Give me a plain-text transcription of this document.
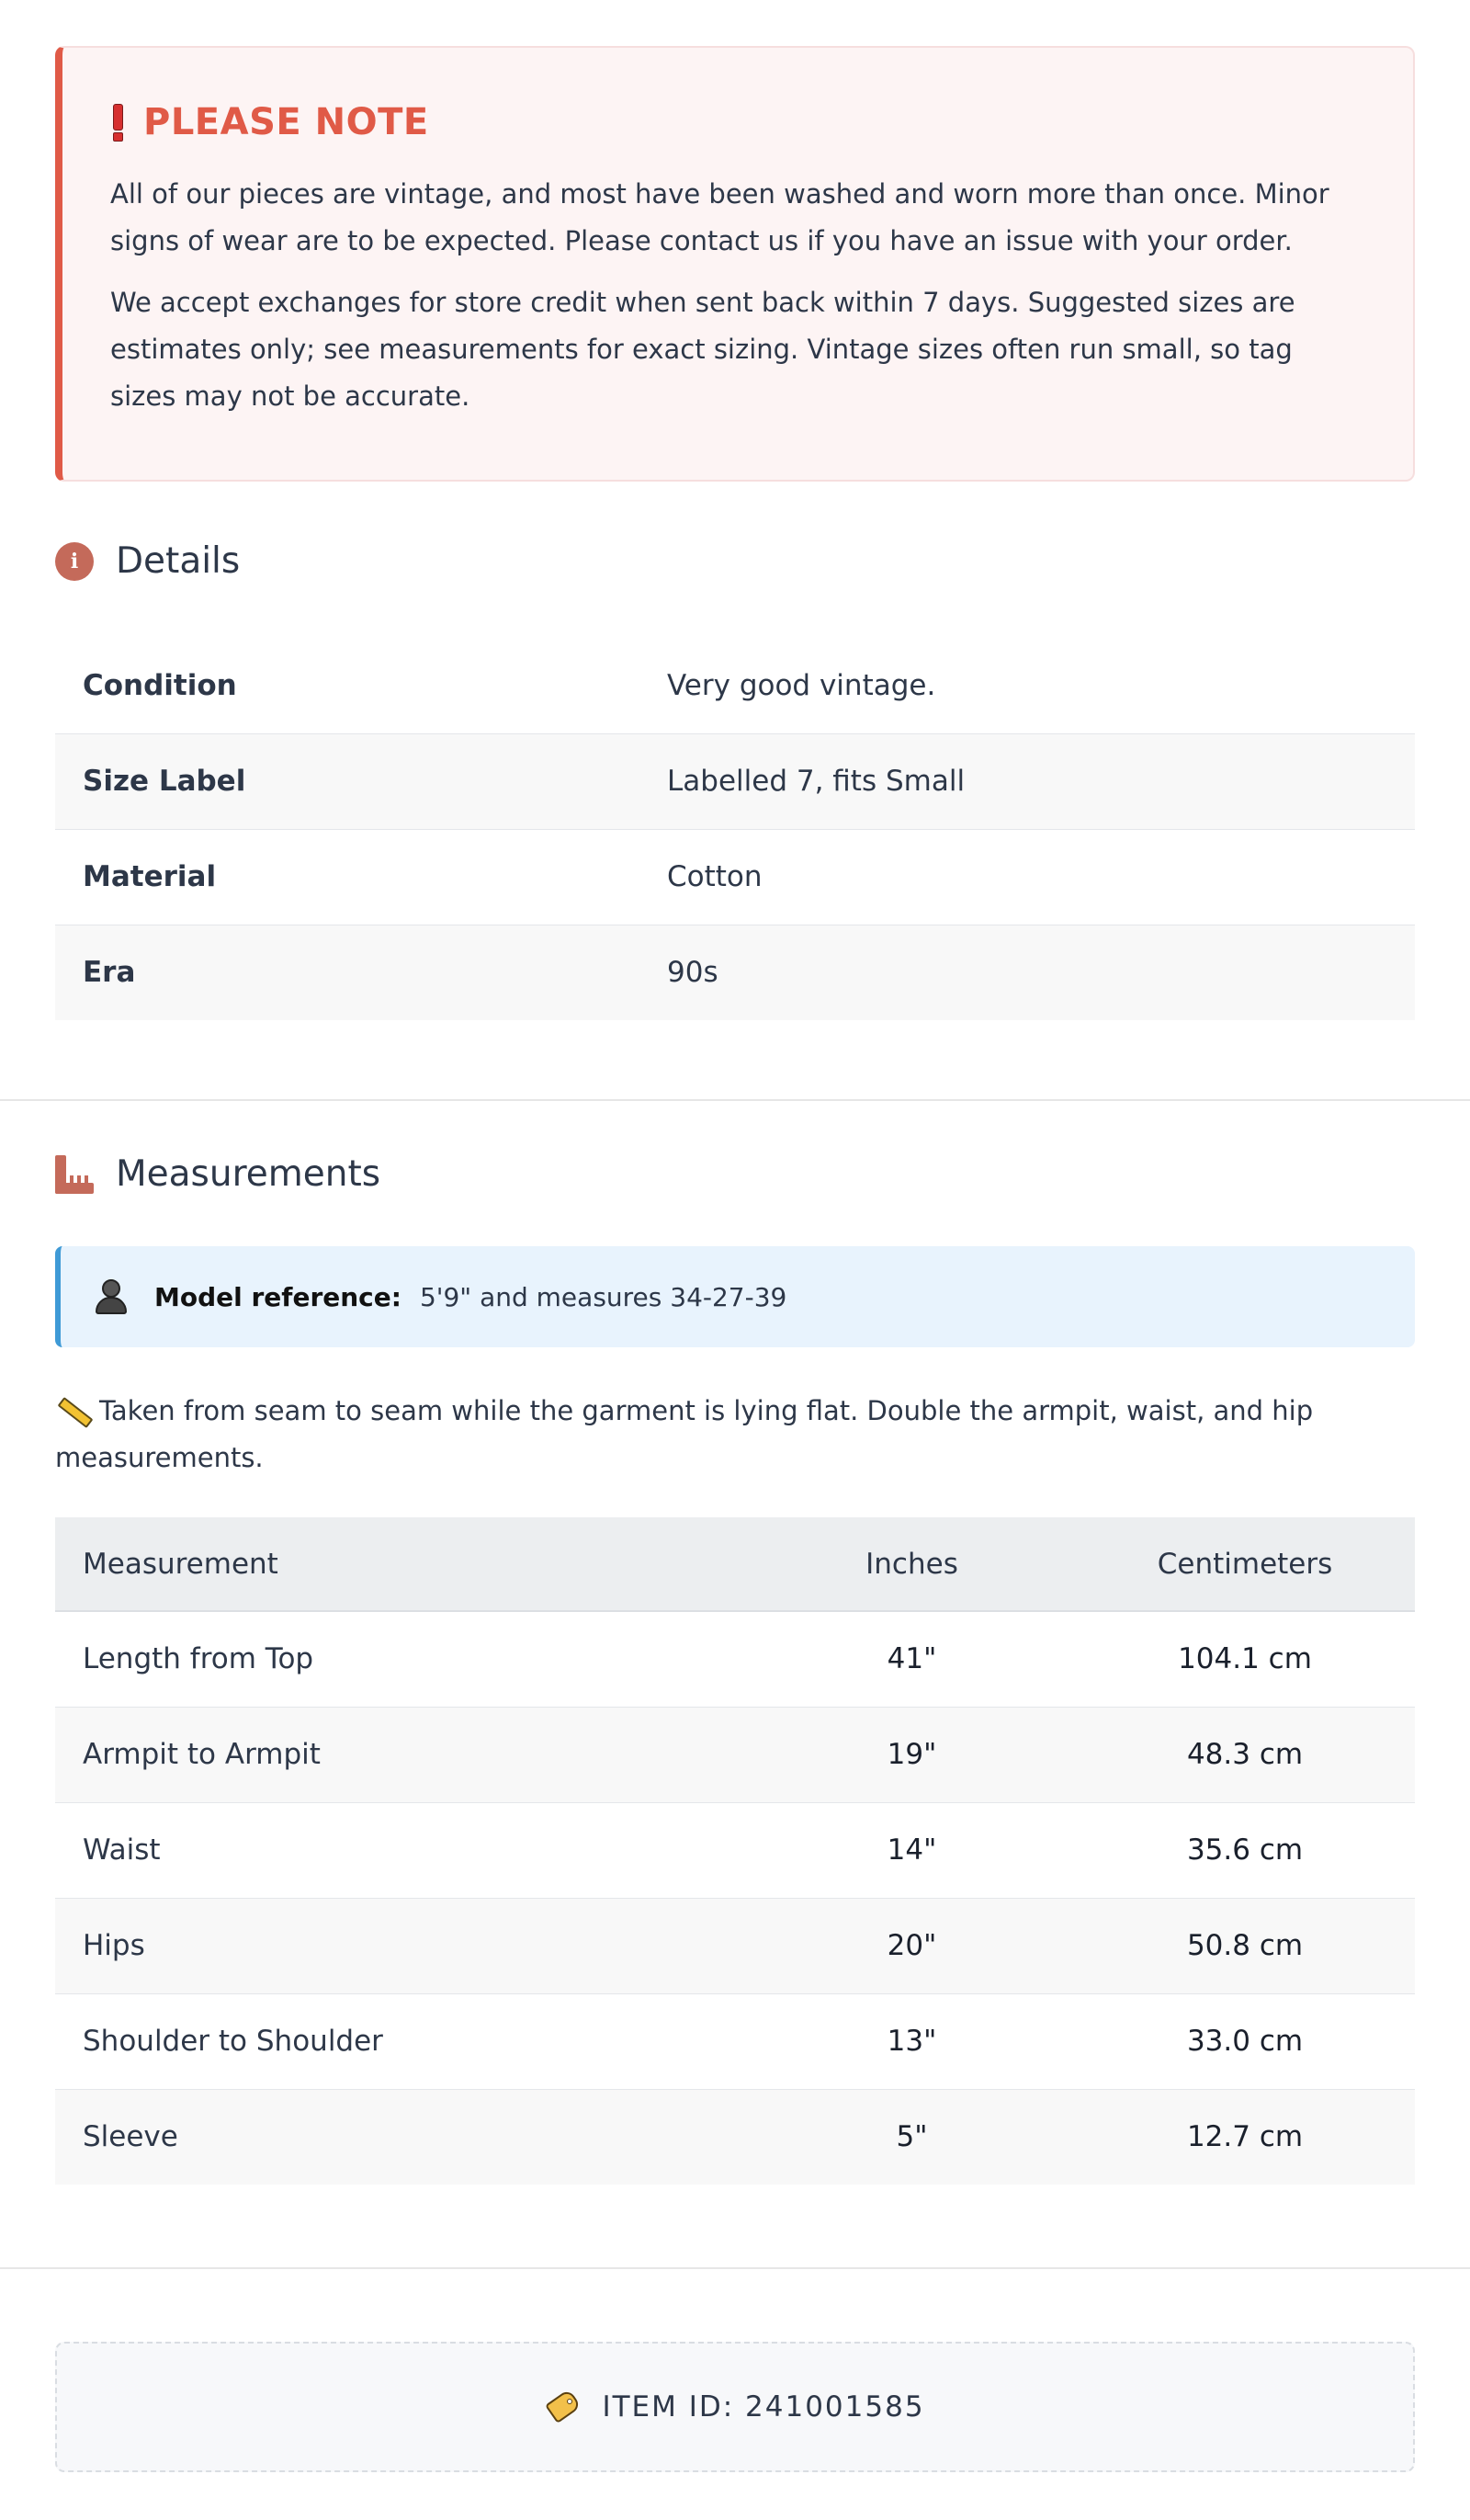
PLEASE NOTE

All of our pieces are vintage, and most have been washed and worn more than once. Minor signs of wear are to be expected. Please contact us if you have an issue with your order.

We accept exchanges for store credit when sent back within 7 days. Suggested sizes are estimates only; see measurements for exact sizing. Vintage sizes often run small, so tag sizes may not be accurate.

i	Details
Condition	Very good vintage.
Size Label	Labelled 7, fits Small
Material	Cotton
Era	90s
Measurements
Model reference: 5'9" and measures 34-27-39
Taken from seam to seam while the garment is lying flat. Double the armpit, waist, and hip measurements.
Measurement	Inches	Centimeters
Length from Top	41"	104.1 cm
Armpit to Armpit	19"	48.3 cm
Waist	14"	35.6 cm
Hips	20"	50.8 cm
Shoulder to Shoulder	13"	33.0 cm
Sleeve	5"	12.7 cm
ITEM ID: 241001585
